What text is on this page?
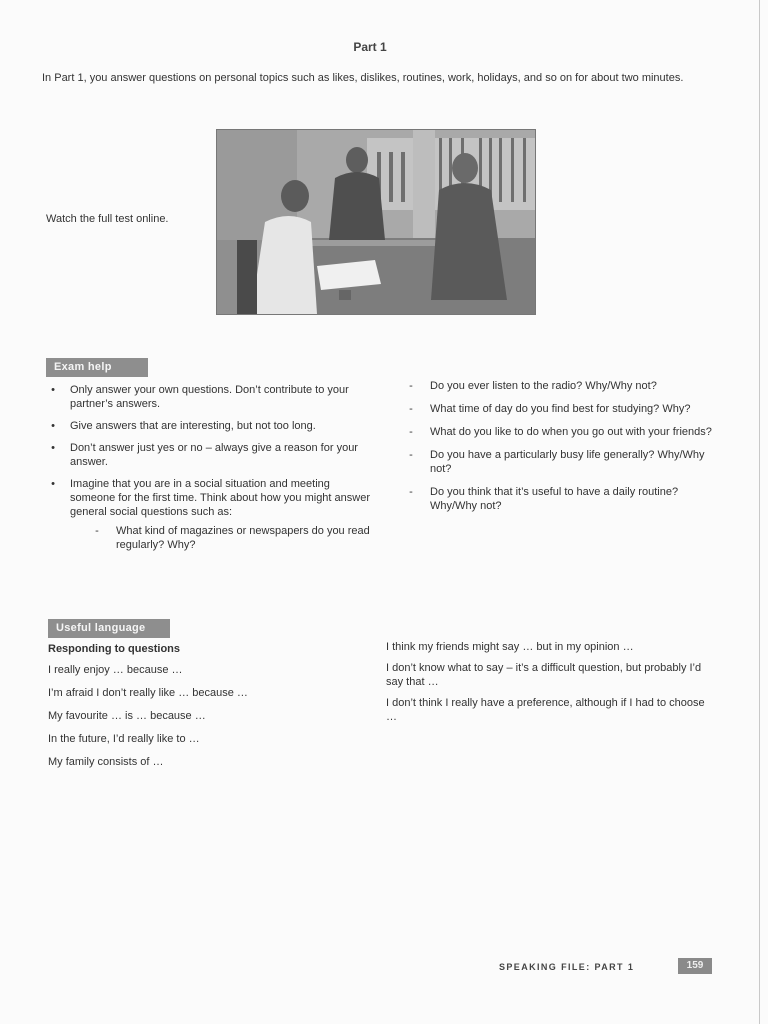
Part 1
In Part 1, you answer questions on personal topics such as likes, dislikes, routines, work, holidays, and so on for about two minutes.
Watch the full test online.
Exam help
•	Only answer your own questions. Don’t contribute to your partner’s answers.
•	Give answers that are interesting, but not too long.
•	Don’t answer just yes or no – always give a reason for your answer.
•	Imagine that you are in a social situation and meeting someone for the first time. Think about how you might answer general social questions such as:
- What kind of magazines or newspapers do you read regularly? Why?
- Do you ever listen to the radio? Why/Why not?
- What time of day do you find best for studying? Why?
- What do you like to do when you go out with your friends?
- Do you have a particularly busy life generally? Why/Why not?
- Do you think that it’s useful to have a daily routine? Why/Why not?
Useful language
Responding to questions
I really enjoy … because …
I’m afraid I don’t really like … because …
My favourite … is … because …
In the future, I’d really like to …
My family consists of …
I think my friends might say … but in my opinion …
I don’t know what to say – it’s a difficult question, but probably I’d say that …
I don’t think I really have a preference, although if I had to choose …
SPEAKING FILE: PART 1	159
